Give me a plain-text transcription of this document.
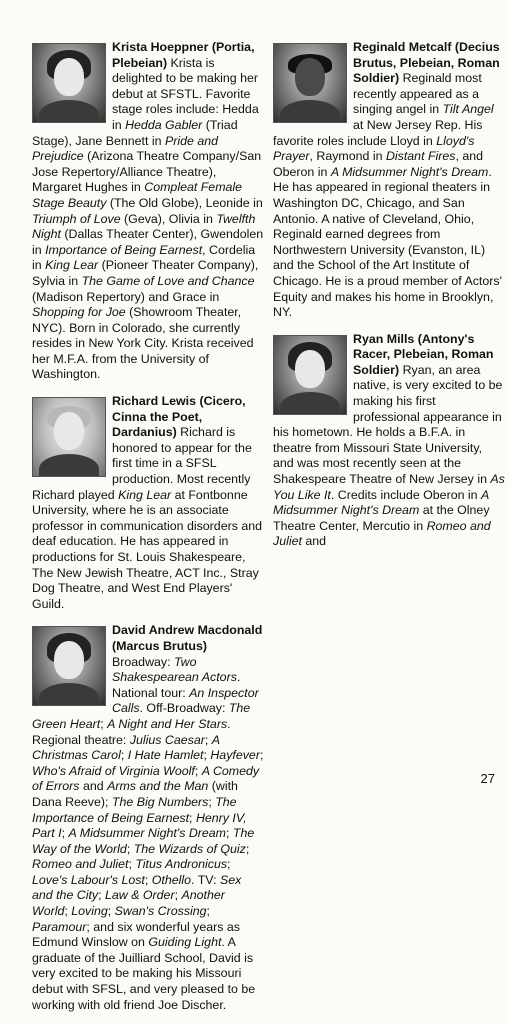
Krista Hoeppner (Portia, Plebeian) Krista is delighted to be making her debut at SFSTL. Favorite stage roles include: Hedda in Hedda Gabler (Triad Stage), Jane Bennett in Pride and Prejudice (Arizona Theatre Company/San Jose Repertory/Alliance Theatre), Margaret Hughes in Compleat Female Stage Beauty (The Old Globe), Leonide in Triumph of Love (Geva), Olivia in Twelfth Night (Dallas Theater Center), Gwendolen in Importance of Being Earnest, Cordelia in King Lear (Pioneer Theater Company), Sylvia in The Game of Love and Chance (Madison Repertory) and Grace in Shopping for Joe (Showroom Theater, NYC). Born in Colorado, she currently resides in New York City. Krista received her M.F.A. from the University of Washington.

Richard Lewis (Cicero, Cinna the Poet, Dardanius) Richard is honored to appear for the first time in a SFSL production. Most recently Richard played King Lear at Fontbonne University, where he is an associate professor in communication disorders and deaf education. He has appeared in productions for St. Louis Shakespeare, The New Jewish Theatre, ACT Inc., Stray Dog Theatre, and West End Players' Guild.

David Andrew Macdonald (Marcus Brutus) Broadway: Two Shakespearean Actors. National tour: An Inspector Calls. Off-Broadway: The Green Heart; A Night and Her Stars. Regional theatre: Julius Caesar; A Christmas Carol; I Hate Hamlet; Hayfever; Who's Afraid of Virginia Woolf; A Comedy of Errors and Arms and the Man (with Dana Reeve); The Big Numbers; The Importance of Being Earnest; Henry IV, Part I; A Midsummer Night's Dream; The Way of the World; The Wizards of Quiz; Romeo and Juliet; Titus Andronicus; Love's Labour's Lost; Othello. TV: Sex and the City; Law & Order; Another World; Loving; Swan's Crossing; Paramour; and six wonderful years as Edmund Winslow on Guiding Light. A graduate of the Juilliard School, David is very excited to be making his Missouri debut with SFSL, and very pleased to be working with old friend Joe Discher.

Reginald Metcalf (Decius Brutus, Plebeian, Roman Soldier) Reginald most recently appeared as a singing angel in Tilt Angel at New Jersey Rep. His favorite roles include Lloyd in Lloyd's Prayer, Raymond in Distant Fires, and Oberon in A Midsummer Night's Dream. He has appeared in regional theaters in Washington DC, Chicago, and San Antonio. A native of Cleveland, Ohio, Reginald earned degrees from Northwestern University (Evanston, IL) and the School of the Art Institute of Chicago. He is a proud member of Actors' Equity and makes his home in Brooklyn, NY.

Ryan Mills (Antony's Racer, Plebeian, Roman Soldier) Ryan, an area native, is very excited to be making his first professional appearance in his hometown. He holds a B.F.A. in theatre from Missouri State University, and was most recently seen at the Shakespeare Theatre of New Jersey in As You Like It. Credits include Oberon in A Midsummer Night's Dream at the Olney Theatre Center, Mercutio in Romeo and Juliet and

27
